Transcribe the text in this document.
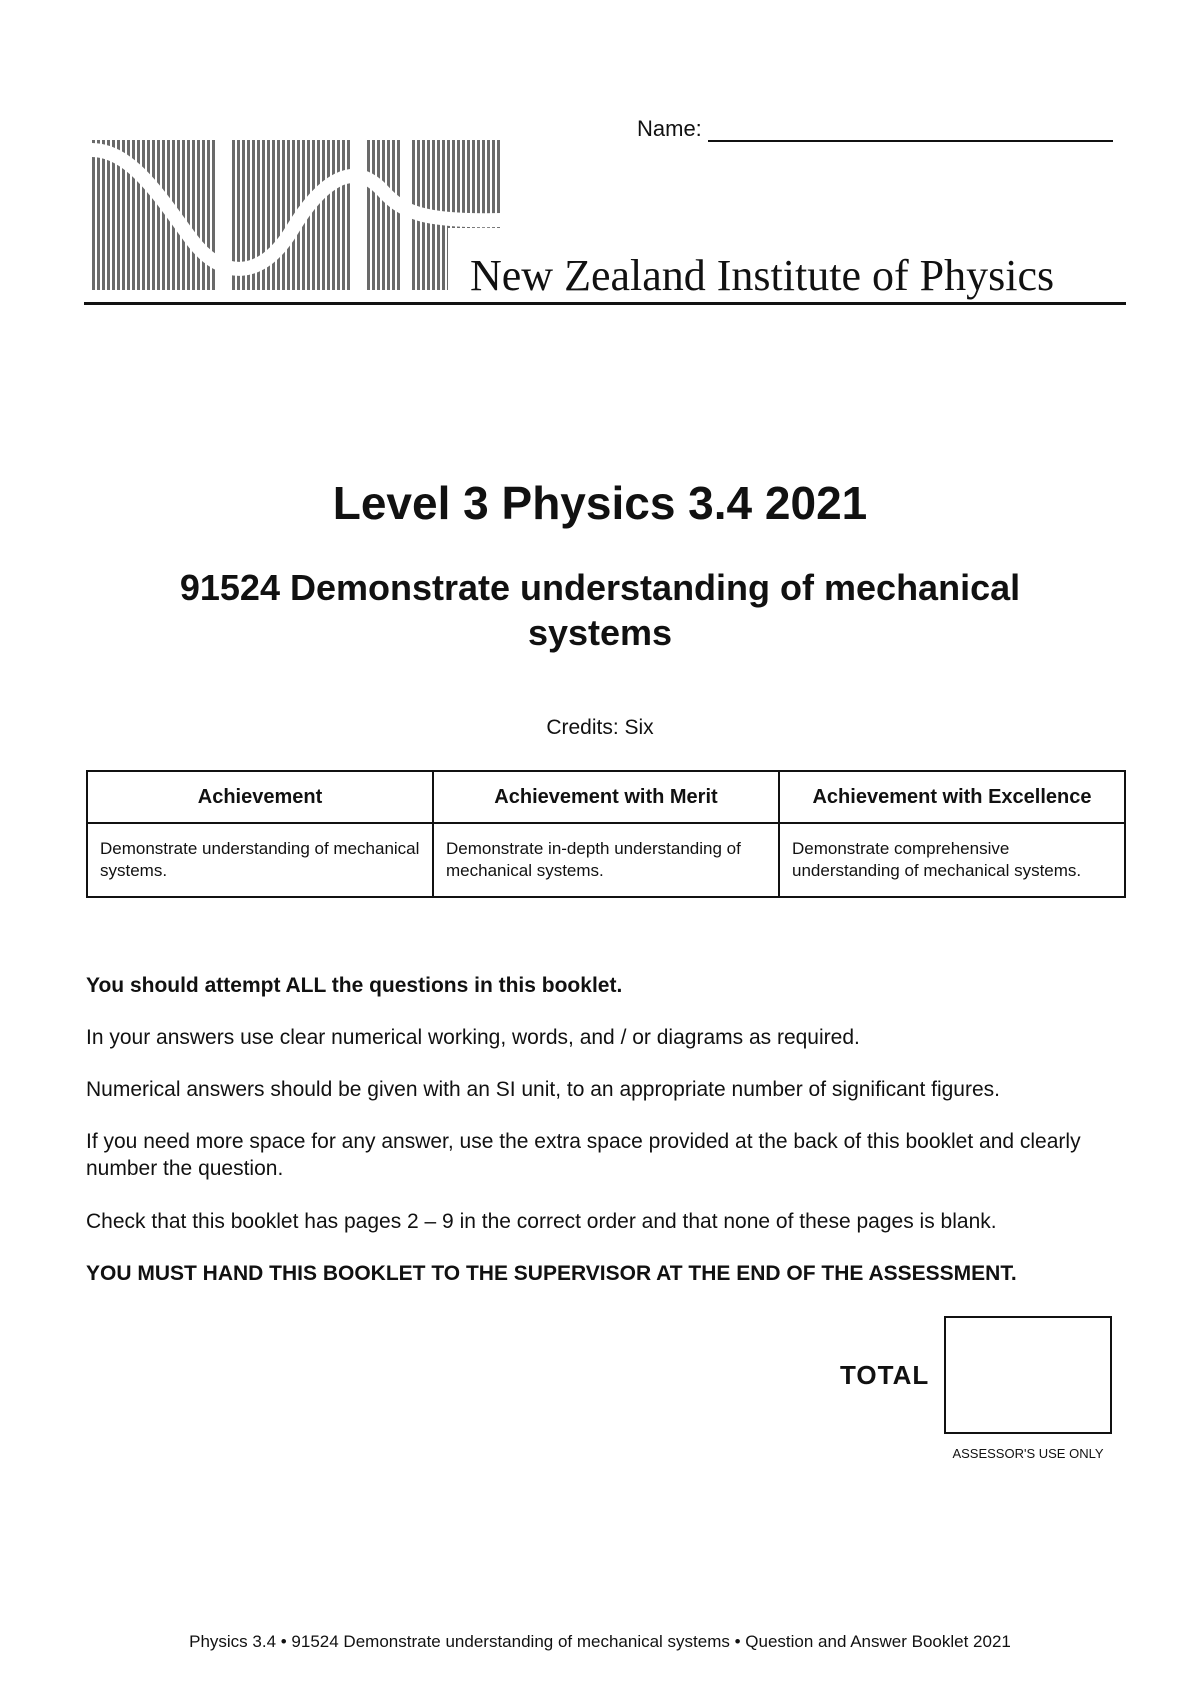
Name:
New Zealand Institute of Physics
Level 3 Physics 3.4 2021
91524 Demonstrate understanding of mechanical systems
Credits: Six
Achievement	Achievement with Merit	Achievement with Excellence
Demonstrate understanding of mechanical systems.	Demonstrate in-depth understanding of mechanical systems.	Demonstrate comprehensive understanding of mechanical systems.
You should attempt ALL the questions in this booklet.
In your answers use clear numerical working, words, and / or diagrams as required.
Numerical answers should be given with an SI unit, to an appropriate number of significant figures.
If you need more space for any answer, use the extra space provided at the back of this booklet and clearly number the question.
Check that this booklet has pages 2 – 9 in the correct order and that none of these pages is blank.
YOU MUST HAND THIS BOOKLET TO THE SUPERVISOR AT THE END OF THE ASSESSMENT.
TOTAL
ASSESSOR'S USE ONLY
Physics 3.4 • 91524 Demonstrate understanding of mechanical systems • Question and Answer Booklet 2021
